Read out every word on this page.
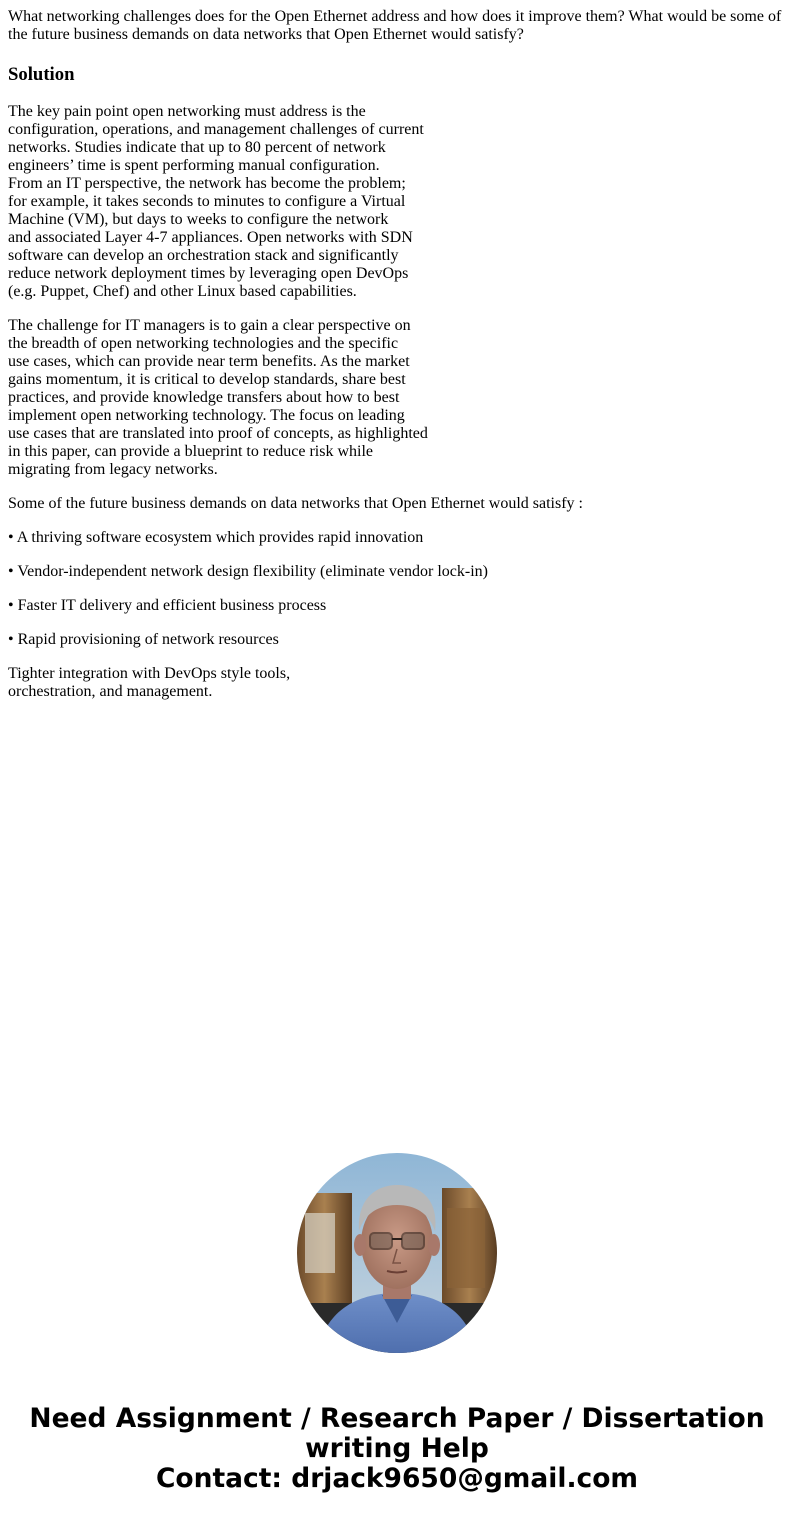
What networking challenges does for the Open Ethernet address and how does it improve them? What would be some of
the future business demands on data networks that Open Ethernet would satisfy?

Solution

The key pain point open networking must address is the
configuration, operations, and management challenges of current
networks. Studies indicate that up to 80 percent of network
engineers’ time is spent performing manual configuration.
From an IT perspective, the network has become the problem;
for example, it takes seconds to minutes to configure a Virtual
Machine (VM), but days to weeks to configure the network
and associated Layer 4-7 appliances. Open networks with SDN
software can develop an orchestration stack and significantly
reduce network deployment times by leveraging open DevOps
(e.g. Puppet, Chef) and other Linux based capabilities.

The challenge for IT managers is to gain a clear perspective on
the breadth of open networking technologies and the specific
use cases, which can provide near term benefits. As the market
gains momentum, it is critical to develop standards, share best
practices, and provide knowledge transfers about how to best
implement open networking technology. The focus on leading
use cases that are translated into proof of concepts, as highlighted
in this paper, can provide a blueprint to reduce risk while
migrating from legacy networks.

Some of the future business demands on data networks that Open Ethernet would satisfy :

• A thriving software ecosystem which provides rapid innovation

• Vendor-independent network design flexibility (eliminate vendor lock-in)

• Faster IT delivery and efficient business process

• Rapid provisioning of network resources

Tighter integration with DevOps style tools,
orchestration, and management.

Need Assignment / Research Paper / Dissertation
writing Help
Contact: drjack9650@gmail.com
